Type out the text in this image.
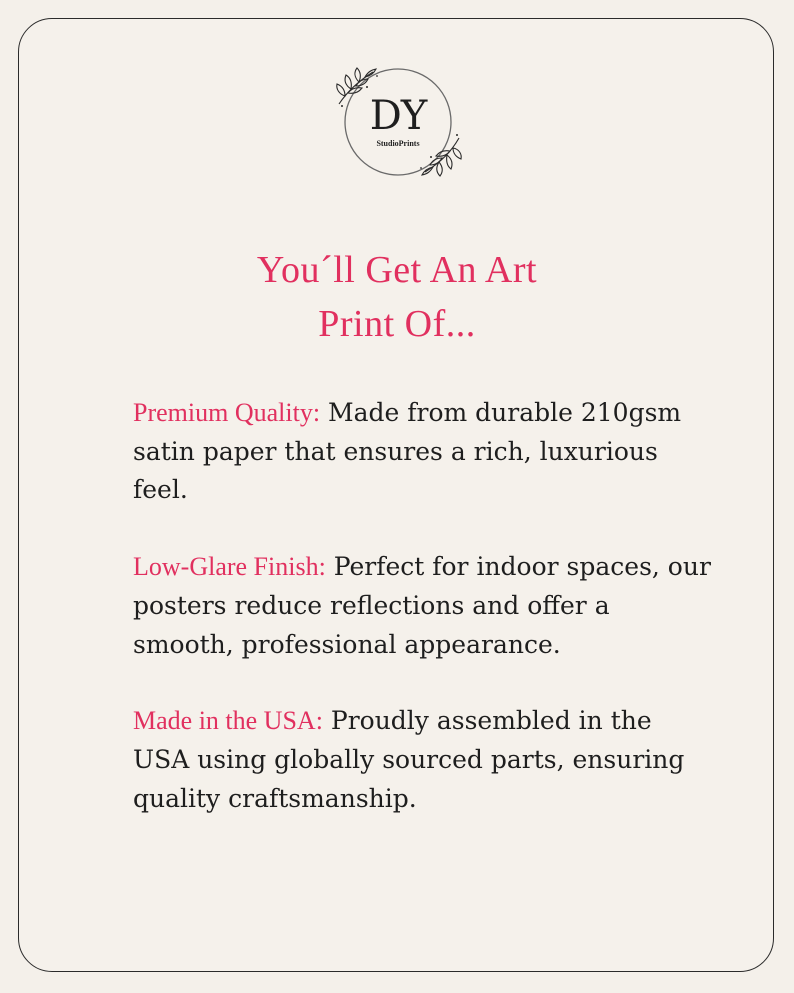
DY
StudioPrints
You´ll Get An Art
Print Of...

Premium Quality: Made from durable 210gsm satin paper that ensures a rich, luxurious feel.

Low-Glare Finish: Perfect for indoor spaces, our posters reduce reflections and offer a smooth, professional appearance.

Made in the USA: Proudly assembled in the USA using globally sourced parts, ensuring quality craftsmanship.
